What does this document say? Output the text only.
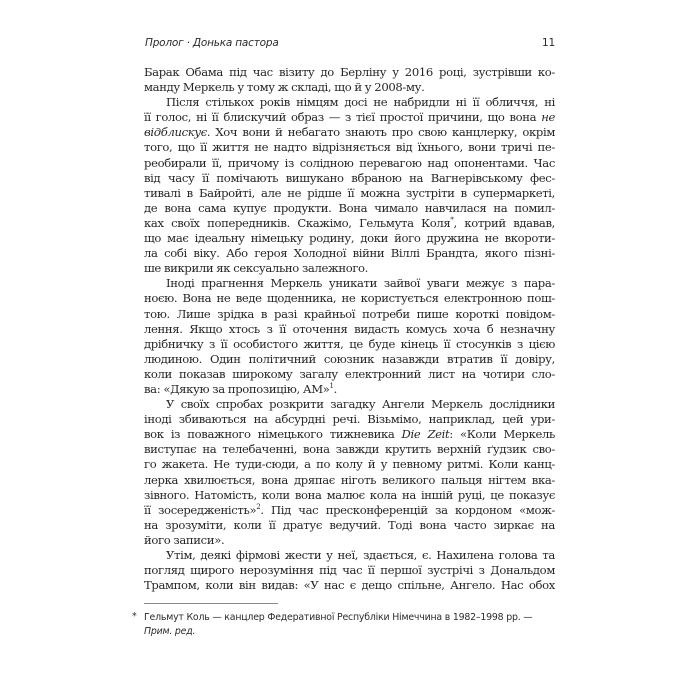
Пролог · Донька пастора	11
Барак Обама під час візиту до Берліну у 2016 році, зустрівши ко-
манду Меркель у тому ж складі, що й у 2008-му.
Після стількох років німцям досі не набридли ні її обличчя, ні
її голос, ні її блискучий образ — з тієї простої причини, що вона не
відблискує. Хоч вони й небагато знають про свою канцлерку, окрім
того, що її життя не надто відрізняється від їхнього, вони тричі пе-
реобирали її, причому із солідною перевагою над опонентами. Час
від часу її помічають вишукано вбраною на Вагнерівському фес-
тивалі в Байройті, але не рідше її можна зустріти в супермаркеті,
де вона сама купує продукти. Вона чимало навчилася на помил-
ках своїх попередників. Скажімо, Гельмута Коля*, котрий вдавав,
що має ідеальну німецьку родину, доки його дружина не вкороти-
ла собі віку. Або героя Холодної війни Віллі Брандта, якого пізні-
ше викрили як сексуально залежного.
Іноді прагнення Меркель уникати зайвої уваги межує з пара-
ноєю. Вона не веде щоденника, не користується електронною пош-
тою. Лише зрідка в разі крайньої потреби пише короткі повідом-
лення. Якщо хтось з її оточення видасть комусь хоча б незначну
дрібничку з її особистого життя, це буде кінець її стосунків з цією
людиною. Один політичний союзник назавжди втратив її довіру,
коли показав широкому загалу електронний лист на чотири сло-
ва: «Дякую за пропозицію, АМ»$^1$.
У своїх спробах розкрити загадку Ангели Меркель дослідники
іноді збиваються на абсурдні речі. Візьмімо, наприклад, цей ури-
вок із поважного німецького тижневика Die Zeit: «Коли Меркель
виступає на телебаченні, вона завжди крутить верхній ґудзик сво-
го жакета. Не туди-сюди, а по колу й у певному ритмі. Коли канц-
лерка хвилюється, вона дряпає ніготь великого пальця нігтем вка-
зівного. Натомість, коли вона малює кола на іншій руці, це показує
її зосередженість»$^2$. Під час пресконференцій за кордоном «мож-
на зрозуміти, коли її дратує ведучий. Тоді вона часто зиркає на
його записи».
Утім, деякі фірмові жести у неї, здається, є. Нахилена голова та
погляд щирого нерозуміння під час її першої зустрічі з Дональдом
Трампом, коли він видав: «У нас є дещо спільне, Ангело. Нас обох
* Гельмут Коль — канцлер Федеративної Республіки Німеччина в 1982–1998 рр. —
Прим. ред.
